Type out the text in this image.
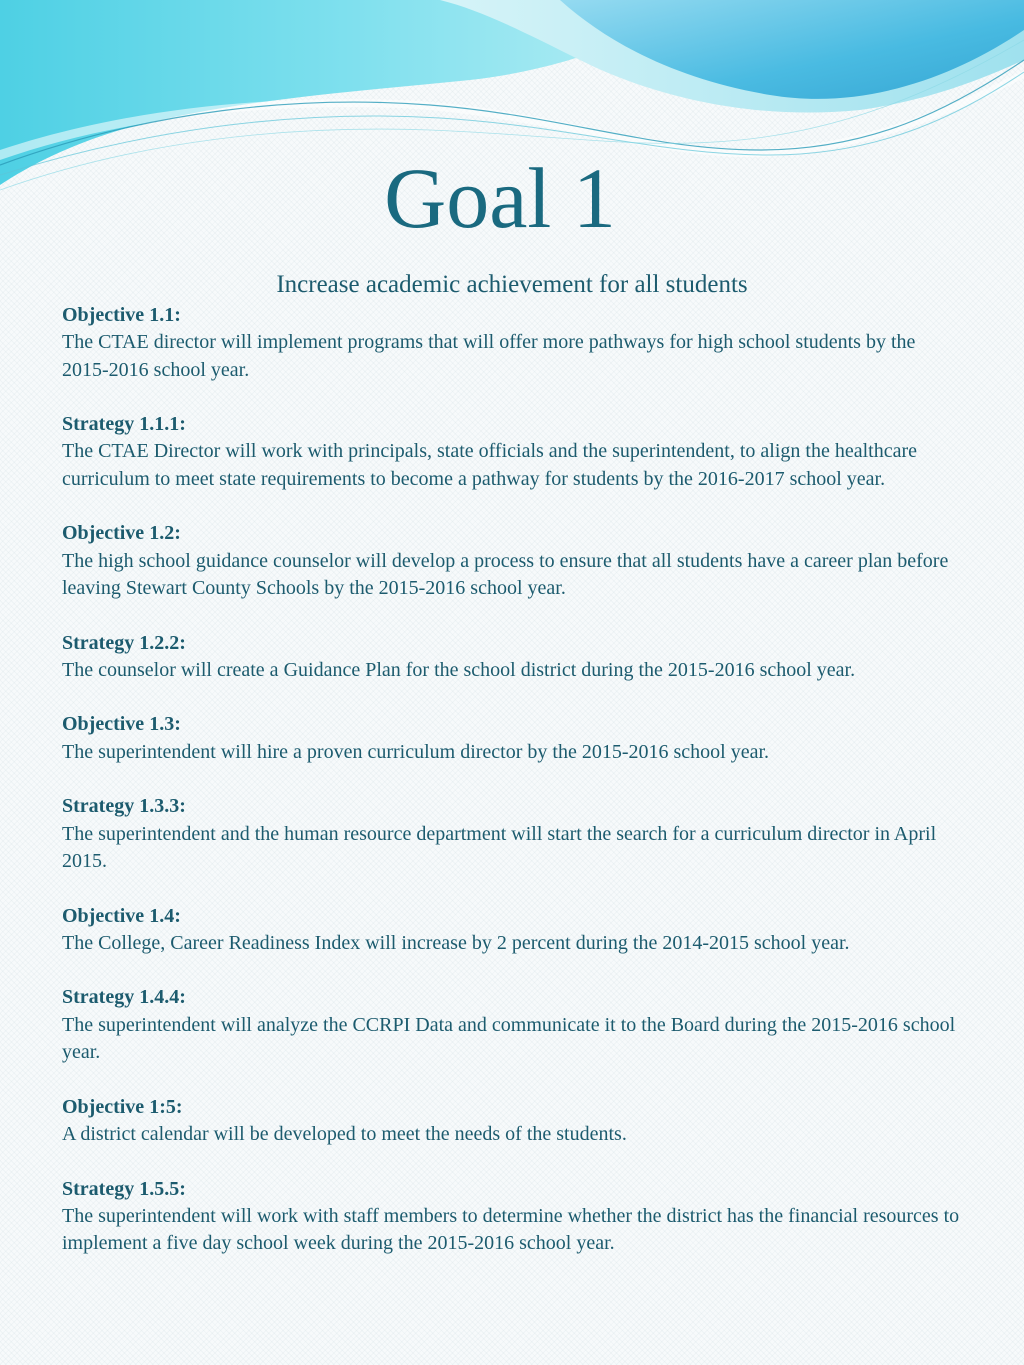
Goal 1

Increase academic achievement for all students

Objective 1.1:
The CTAE director will implement programs that will offer more pathways for high school students by the 2015-2016 school year.
Strategy 1.1.1:
The CTAE Director will work with principals, state officials and the superintendent, to align the healthcare curriculum to meet state requirements to become a pathway for students by the 2016-2017 school year.
Objective 1.2:
The high school guidance counselor will develop a process to ensure that all students have a career plan before leaving Stewart County Schools by the 2015-2016 school year.
Strategy 1.2.2:
The counselor will create a Guidance Plan for the school district during the 2015-2016 school year.
Objective 1.3:
The superintendent will hire a proven curriculum director by the 2015-2016 school year.
Strategy 1.3.3:
The superintendent and the human resource department will start the search for a curriculum director in April 2015.
Objective 1.4:
The College, Career Readiness Index will increase by 2 percent during the 2014-2015 school year.
Strategy 1.4.4:
The superintendent will analyze the CCRPI Data and communicate it to the Board during the 2015-2016 school year.
Objective 1:5:
A district calendar will be developed to meet the needs of the students.
Strategy 1.5.5:
The superintendent will work with staff members to determine whether the district has the financial resources to implement a five day school week during the 2015-2016 school year.
